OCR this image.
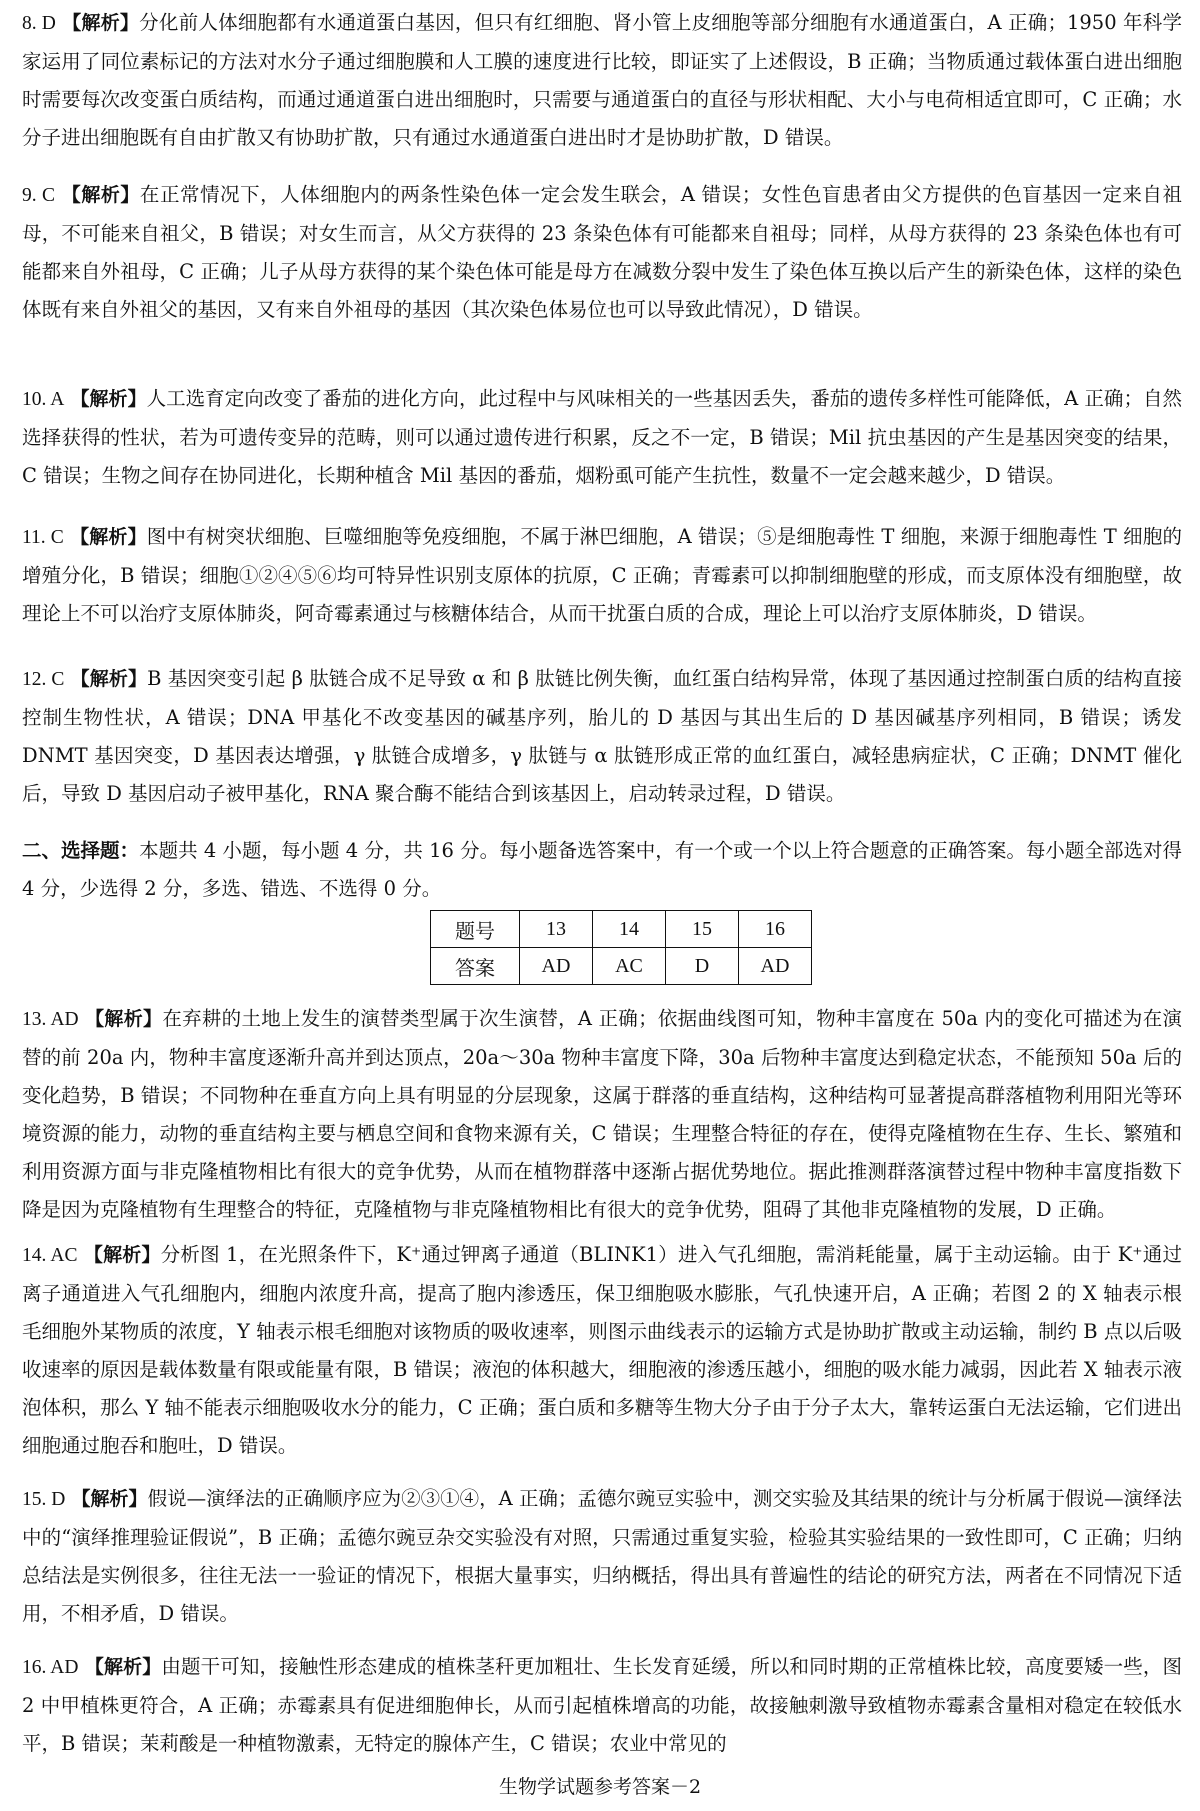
8. D 【解析】分化前人体细胞都有水通道蛋白基因，但只有红细胞、肾小管上皮细胞等部分细胞有水通道蛋白，A 正确；1950 年科学家运用了同位素标记的方法对水分子通过细胞膜和人工膜的速度进行比较，即证实了上述假设，B 正确；当物质通过载体蛋白进出细胞时需要每次改变蛋白质结构，而通过通道蛋白进出细胞时，只需要与通道蛋白的直径与形状相配、大小与电荷相适宜即可，C 正确；水分子进出细胞既有自由扩散又有协助扩散，只有通过水通道蛋白进出时才是协助扩散，D 错误。
9. C 【解析】在正常情况下，人体细胞内的两条性染色体一定会发生联会，A 错误；女性色盲患者由父方提供的色盲基因一定来自祖母，不可能来自祖父，B 错误；对女生而言，从父方获得的 23 条染色体有可能都来自祖母；同样，从母方获得的 23 条染色体也有可能都来自外祖母，C 正确；儿子从母方获得的某个染色体可能是母方在减数分裂中发生了染色体互换以后产生的新染色体，这样的染色体既有来自外祖父的基因，又有来自外祖母的基因（其次染色体易位也可以导致此情况），D 错误。
10. A 【解析】人工选育定向改变了番茄的进化方向，此过程中与风味相关的一些基因丢失，番茄的遗传多样性可能降低，A 正确；自然选择获得的性状，若为可遗传变异的范畴，则可以通过遗传进行积累，反之不一定，B 错误；Mil 抗虫基因的产生是基因突变的结果，C 错误；生物之间存在协同进化，长期种植含 Mil 基因的番茄，烟粉虱可能产生抗性，数量不一定会越来越少，D 错误。
11. C 【解析】图中有树突状细胞、巨噬细胞等免疫细胞，不属于淋巴细胞，A 错误；⑤是细胞毒性 T 细胞，来源于细胞毒性 T 细胞的增殖分化，B 错误；细胞①②④⑤⑥均可特异性识别支原体的抗原，C 正确；青霉素可以抑制细胞壁的形成，而支原体没有细胞壁，故理论上不可以治疗支原体肺炎，阿奇霉素通过与核糖体结合，从而干扰蛋白质的合成，理论上可以治疗支原体肺炎，D 错误。
12. C 【解析】B 基因突变引起 β 肽链合成不足导致 α 和 β 肽链比例失衡，血红蛋白结构异常，体现了基因通过控制蛋白质的结构直接控制生物性状，A 错误；DNA 甲基化不改变基因的碱基序列，胎儿的 D 基因与其出生后的 D 基因碱基序列相同，B 错误；诱发 DNMT 基因突变，D 基因表达增强，γ 肽链合成增多，γ 肽链与 α 肽链形成正常的血红蛋白，减轻患病症状，C 正确；DNMT 催化后，导致 D 基因启动子被甲基化，RNA 聚合酶不能结合到该基因上，启动转录过程，D 错误。
二、选择题：本题共 4 小题，每小题 4 分，共 16 分。每小题备选答案中，有一个或一个以上符合题意的正确答案。每小题全部选对得 4 分，少选得 2 分，多选、错选、不选得 0 分。
题号	13	14	15	16
答案	AD	AC	D	AD
13. AD 【解析】在弃耕的土地上发生的演替类型属于次生演替，A 正确；依据曲线图可知，物种丰富度在 50a 内的变化可描述为在演替的前 20a 内，物种丰富度逐渐升高并到达顶点，20a～30a 物种丰富度下降，30a 后物种丰富度达到稳定状态，不能预知 50a 后的变化趋势，B 错误；不同物种在垂直方向上具有明显的分层现象，这属于群落的垂直结构，这种结构可显著提高群落植物利用阳光等环境资源的能力，动物的垂直结构主要与栖息空间和食物来源有关，C 错误；生理整合特征的存在，使得克隆植物在生存、生长、繁殖和利用资源方面与非克隆植物相比有很大的竞争优势，从而在植物群落中逐渐占据优势地位。据此推测群落演替过程中物种丰富度指数下降是因为克隆植物有生理整合的特征，克隆植物与非克隆植物相比有很大的竞争优势，阻碍了其他非克隆植物的发展，D 正确。
14. AC 【解析】分析图 1，在光照条件下，K⁺通过钾离子通道（BLINK1）进入气孔细胞，需消耗能量，属于主动运输。由于 K⁺通过离子通道进入气孔细胞内，细胞内浓度升高，提高了胞内渗透压，保卫细胞吸水膨胀，气孔快速开启，A 正确；若图 2 的 X 轴表示根毛细胞外某物质的浓度，Y 轴表示根毛细胞对该物质的吸收速率，则图示曲线表示的运输方式是协助扩散或主动运输，制约 B 点以后吸收速率的原因是载体数量有限或能量有限，B 错误；液泡的体积越大，细胞液的渗透压越小，细胞的吸水能力减弱，因此若 X 轴表示液泡体积，那么 Y 轴不能表示细胞吸收水分的能力，C 正确；蛋白质和多糖等生物大分子由于分子太大，靠转运蛋白无法运输，它们进出细胞通过胞吞和胞吐，D 错误。
15. D 【解析】假说—演绎法的正确顺序应为②③①④，A 正确；孟德尔豌豆实验中，测交实验及其结果的统计与分析属于假说—演绎法中的“演绎推理验证假说”，B 正确；孟德尔豌豆杂交实验没有对照，只需通过重复实验，检验其实验结果的一致性即可，C 正确；归纳总结法是实例很多，往往无法一一验证的情况下，根据大量事实，归纳概括，得出具有普遍性的结论的研究方法，两者在不同情况下适用，不相矛盾，D 错误。
16. AD 【解析】由题干可知，接触性形态建成的植株茎秆更加粗壮、生长发育延缓，所以和同时期的正常植株比较，高度要矮一些，图 2 中甲植株更符合，A 正确；赤霉素具有促进细胞伸长，从而引起植株增高的功能，故接触刺激导致植物赤霉素含量相对稳定在较低水平，B 错误；茉莉酸是一种植物激素，无特定的腺体产生，C 错误；农业中常见的
生物学试题参考答案－2
